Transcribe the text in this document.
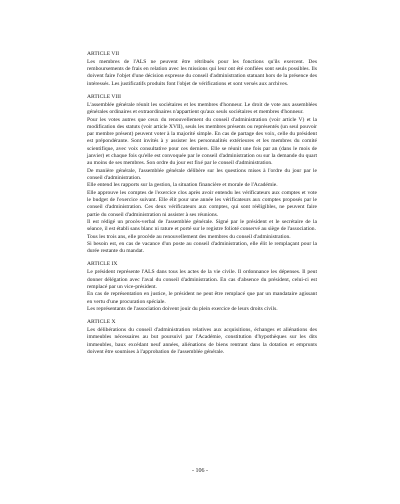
ARTICLE VII

Les membres de l'ALS ne peuvent être rétribués pour les fonctions qu'ils exercent. Des remboursements de frais en relation avec les missions qui leur ont été confiées sont seuls possibles. Ils doivent faire l'objet d'une décision expresse du conseil d'administration statuant hors de la présence des intéressés. Les justificatifs produits font l'objet de vérifications et sont versés aux archives.

ARTICLE VIII

L'assemblée générale réunit les sociétaires et les membres d'honneur. Le droit de vote aux assemblées générales ordinaires et extraordinaires n'appartient qu'aux seuls sociétaires et membres d'honneur.

Pour les votes autres que ceux du renouvellement du conseil d'administration (voir article V) et la modification des statuts (voir article XVII), seuls les membres présents ou représentés (un seul pouvoir par membre présent) peuvent voter à la majorité simple. En cas de partage des voix, celle du président est prépondérante. Sont invités à y assister les personnalités extérieures et les membres du comité scientifique, avec voix consultative pour ces derniers. Elle se réunit une fois par an (dans le mois de janvier) et chaque fois qu'elle est convoquée par le conseil d'administration ou sur la demande du quart au moins de ses membres. Son ordre du jour est fixé par le conseil d'administration.

De manière générale, l'assemblée générale délibère sur les questions mises à l'ordre du jour par le conseil d'administration.

Elle entend les rapports sur la gestion, la situation financière et morale de l'Académie.

Elle approuve les comptes de l'exercice clos après avoir entendu les vérificateurs aux comptes et vote le budget de l'exercice suivant. Elle élit pour une année les vérificateurs aux comptes proposés par le conseil d'administration. Ces deux vérificateurs aux comptes, qui sont rééligibles, ne peuvent faire partie du conseil d'administration ni assister à ses réunions.

Il est rédigé un procès-verbal de l'assemblée générale. Signé par le président et le secrétaire de la séance, il est établi sans blanc ni rature et porté sur le registre folioté conservé au siège de l'association.

Tous les trois ans, elle procède au renouvellement des membres du conseil d'administration.

Si besoin est, en cas de vacance d'un poste au conseil d'administration, elle élit le remplaçant pour la durée restante du mandat.

ARTICLE IX

Le président représente l'ALS dans tous les actes de la vie civile. Il ordonnance les dépenses. Il peut donner délégation avec l'aval du conseil d'administration. En cas d'absence du président, celui-ci est remplacé par un vice-président.

En cas de représentation en justice, le président ne peut être remplacé que par un mandataire agissant en vertu d'une procuration spéciale.

Les représentants de l'association doivent jouir du plein exercice de leurs droits civils.

ARTICLE X

Les délibérations du conseil d'administration relatives aux acquisitions, échanges et aliénations des immeubles nécessaires au but poursuivi par l'Académie, constitution d'hypothèques sur les dits immeubles, baux excédant neuf années, aliénations de biens rentrant dans la dotation et emprunts doivent être soumises à l'approbation de l'assemblée générale.

- 106 -
